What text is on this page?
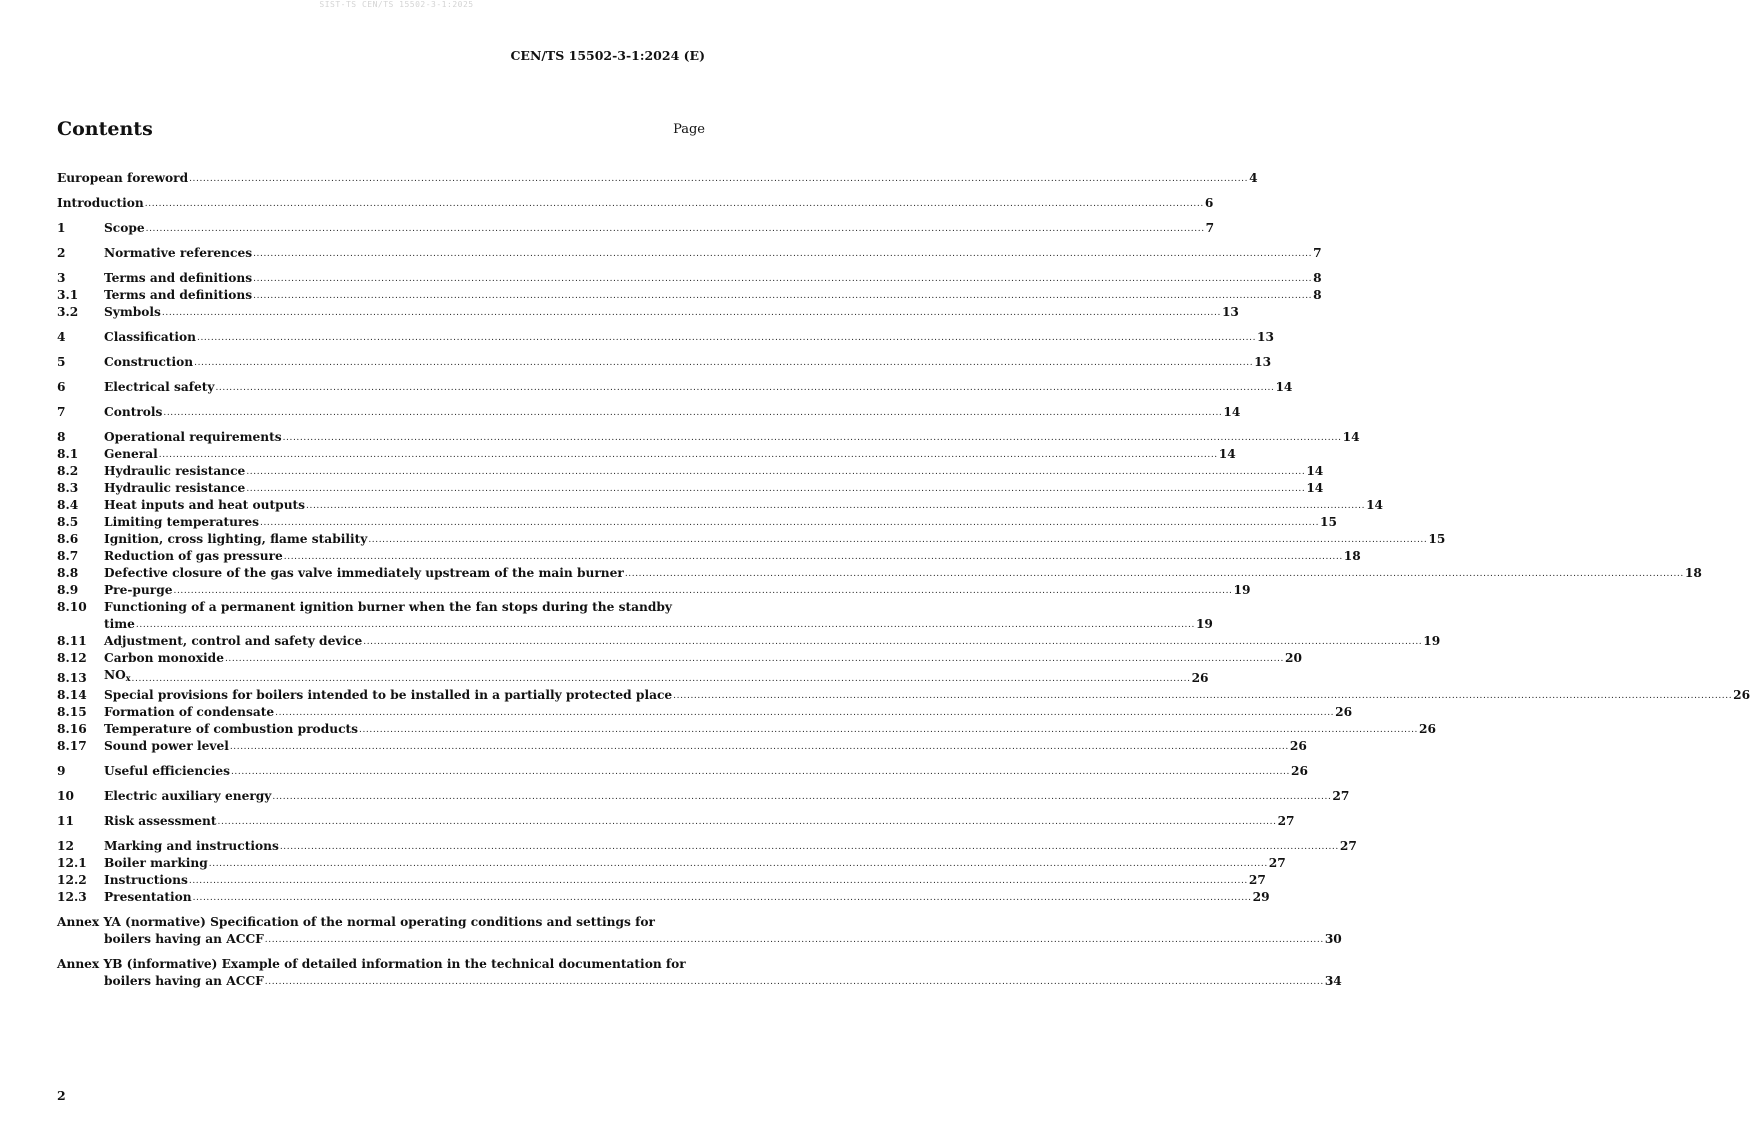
SIST-TS CEN/TS 15502-3-1:2025
CEN/TS 15502-3-1:2024 (E)
Contents	Page
European foreword .................................................................................................................................................................................................................................................................................................................. 4
Introduction .................................................................................................................................................................................................................................................................................................................. 6
1	Scope .................................................................................................................................................................................................................................................................................................................. 7
2	Normative references .................................................................................................................................................................................................................................................................................................................. 7
3	Terms and definitions .................................................................................................................................................................................................................................................................................................................. 8
3.1	Terms and definitions .................................................................................................................................................................................................................................................................................................................. 8
3.2	Symbols .................................................................................................................................................................................................................................................................................................................. 13
4	Classification .................................................................................................................................................................................................................................................................................................................. 13
5	Construction .................................................................................................................................................................................................................................................................................................................. 13
6	Electrical safety .................................................................................................................................................................................................................................................................................................................. 14
7	Controls .................................................................................................................................................................................................................................................................................................................. 14
8	Operational requirements .................................................................................................................................................................................................................................................................................................................. 14
8.1	General .................................................................................................................................................................................................................................................................................................................. 14
8.2	Hydraulic resistance .................................................................................................................................................................................................................................................................................................................. 14
8.3	Hydraulic resistance .................................................................................................................................................................................................................................................................................................................. 14
8.4	Heat inputs and heat outputs .................................................................................................................................................................................................................................................................................................................. 14
8.5	Limiting temperatures .................................................................................................................................................................................................................................................................................................................. 15
8.6	Ignition, cross lighting, flame stability .................................................................................................................................................................................................................................................................................................................. 15
8.7	Reduction of gas pressure .................................................................................................................................................................................................................................................................................................................. 18
8.8	Defective closure of the gas valve immediately upstream of the main burner .................................................................................................................................................................................................................................................................................................................. 18
8.9	Pre-purge .................................................................................................................................................................................................................................................................................................................. 19
8.10	Functioning of a permanent ignition burner when the fan stops during the standby
time .................................................................................................................................................................................................................................................................................................................. 19
8.11	Adjustment, control and safety device .................................................................................................................................................................................................................................................................................................................. 19
8.12	Carbon monoxide .................................................................................................................................................................................................................................................................................................................. 20
8.13	$NO_x$ .................................................................................................................................................................................................................................................................................................................. 26
8.14	Special provisions for boilers intended to be installed in a partially protected place .................................................................................................................................................................................................................................................................................................................. 26
8.15	Formation of condensate .................................................................................................................................................................................................................................................................................................................. 26
8.16	Temperature of combustion products .................................................................................................................................................................................................................................................................................................................. 26
8.17	Sound power level .................................................................................................................................................................................................................................................................................................................. 26
9	Useful efficiencies .................................................................................................................................................................................................................................................................................................................. 26
10	Electric auxiliary energy .................................................................................................................................................................................................................................................................................................................. 27
11	Risk assessment .................................................................................................................................................................................................................................................................................................................. 27
12	Marking and instructions .................................................................................................................................................................................................................................................................................................................. 27
12.1	Boiler marking .................................................................................................................................................................................................................................................................................................................. 27
12.2	Instructions .................................................................................................................................................................................................................................................................................................................. 27
12.3	Presentation .................................................................................................................................................................................................................................................................................................................. 29
Annex YA (normative) Specification of the normal operating conditions and settings for
boilers having an ACCF .................................................................................................................................................................................................................................................................................................................. 30
Annex YB (informative) Example of detailed information in the technical documentation for
boilers having an ACCF .................................................................................................................................................................................................................................................................................................................. 34
2
